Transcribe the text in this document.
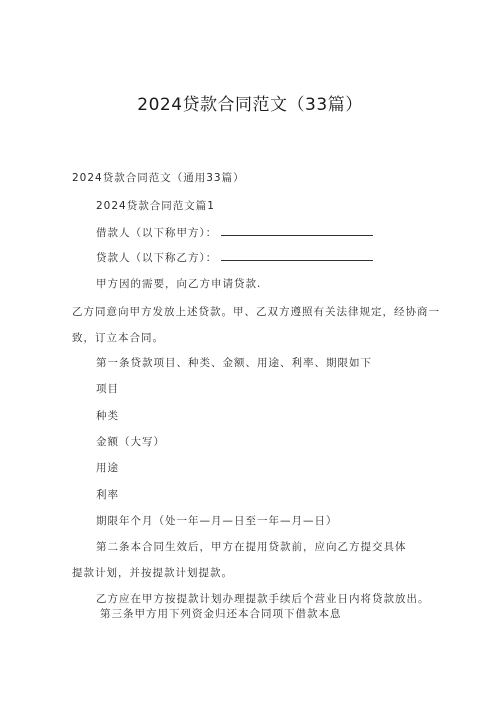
2024贷款合同范文（33篇）
2024贷款合同范文（通用33篇）
2024贷款合同范文篇1
借款人（以下称甲方）：
贷款人（以下称乙方）：
甲方因的需要，向乙方申请贷款.
乙方同意向甲方发放上述贷款。甲、乙双方遵照有关法律规定，经协商一
致，订立本合同。
第一条贷款项目、种类、金额、用途、利率、期限如下
项目
种类
金额（大写）
用途
利率
期限年个月（处一年—月—日至一年—月—日）
第二条本合同生效后，甲方在提用贷款前，应向乙方提交具体
提款计划，并按提款计划提款。
乙方应在甲方按提款计划办理提款手续后个营业日内将贷款放出。
第三条甲方用下列资金归还本合同项下借款本息
